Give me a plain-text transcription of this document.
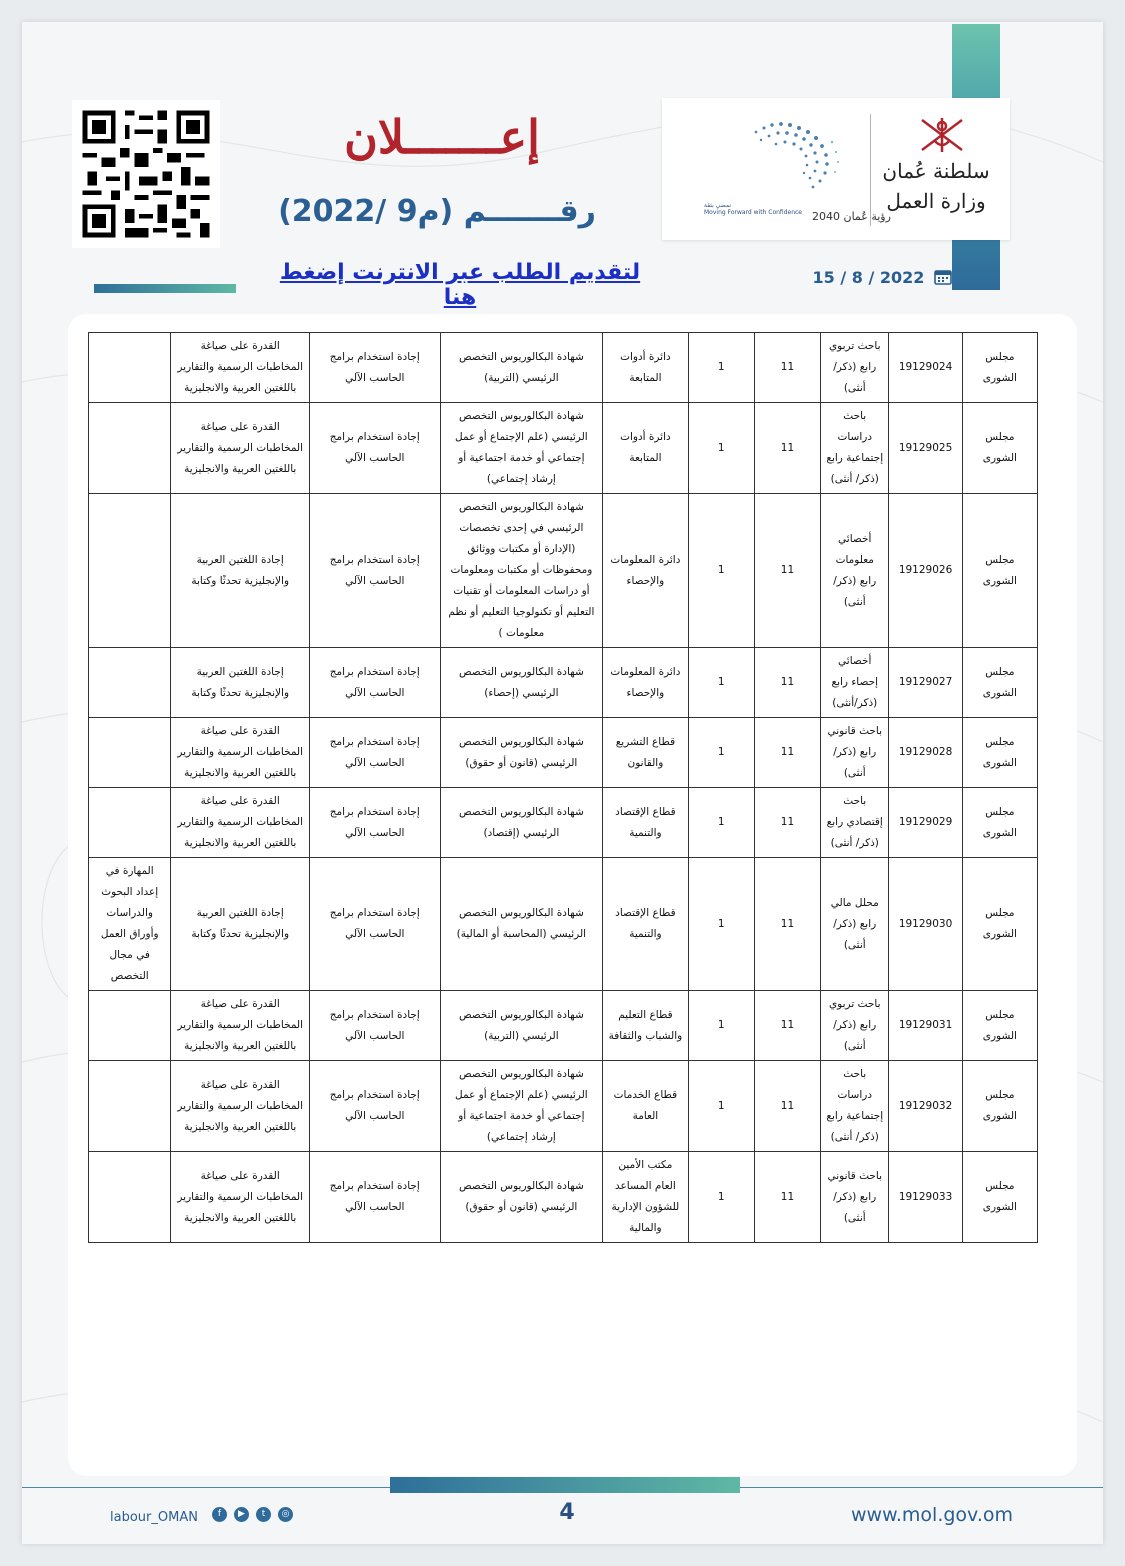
إعـــــــلان
رقـــــــم (م9 /2022)
لتقديم الطلب عبر الانترنت إضغط هنا
سلطنة عُمان
وزارة العمل
رؤية عُمان 2040
نمضي بثقة
Moving Forward with Confidence
15 / 8 / 2022
مجلس الشورى	19129024	باحث تربوي رابع (ذكر/أنثى)	11	1	دائرة أدوات المتابعة	شهادة البكالوريوس التخصص الرئيسي (التربية)	إجادة استخدام برامج الحاسب الآلي	القدرة على صياغة المخاطبات الرسمية والتقارير باللغتين العربية والانجليزية	
مجلس الشورى	19129025	باحث دراسات إجتماعية رابع (ذكر/ أنثى)	11	1	دائرة أدوات المتابعة	شهادة البكالوريوس التخصص الرئيسي (علم الإجتماع أو عمل إجتماعي أو خدمة اجتماعية أو إرشاد إجتماعي)	إجادة استخدام برامج الحاسب الآلي	القدرة على صياغة المخاطبات الرسمية والتقارير باللغتين العربية والانجليزية	
مجلس الشورى	19129026	أخصائي معلومات رابع (ذكر/ أنثى)	11	1	دائرة المعلومات والإحصاء	شهادة البكالوريوس التخصص الرئيسي في إحدى تخصصات (الإدارة أو مكتبات ووثائق ومحفوظات أو مكتبات ومعلومات أو دراسات المعلومات أو تقنيات التعليم أو تكنولوجيا التعليم أو نظم معلومات )	إجادة استخدام برامج الحاسب الآلي	إجادة اللغتين العربية والإنجليزية تحدثًا وكتابة	
مجلس الشورى	19129027	أخصائي إحصاء رابع (ذكر/أنثى)	11	1	دائرة المعلومات والإحصاء	شهادة البكالوريوس التخصص الرئيسي (إحصاء)	إجادة استخدام برامج الحاسب الآلي	إجادة اللغتين العربية والإنجليزية تحدثًا وكتابة	
مجلس الشورى	19129028	باحث قانوني رابع (ذكر/أنثى)	11	1	قطاع التشريع والقانون	شهادة البكالوريوس التخصص الرئيسي (قانون أو حقوق)	إجادة استخدام برامج الحاسب الآلي	القدرة على صياغة المخاطبات الرسمية والتقارير باللغتين العربية والانجليزية	
مجلس الشورى	19129029	باحث إقتصادي رابع (ذكر/ أنثى)	11	1	قطاع الإقتصاد والتنمية	شهادة البكالوريوس التخصص الرئيسي (إقتصاد)	إجادة استخدام برامج الحاسب الآلي	القدرة على صياغة المخاطبات الرسمية والتقارير باللغتين العربية والانجليزية	
مجلس الشورى	19129030	محلل مالي رابع (ذكر/ أنثى)	11	1	قطاع الإقتصاد والتنمية	شهادة البكالوريوس التخصص الرئيسي (المحاسبة أو المالية)	إجادة استخدام برامج الحاسب الآلي	إجادة اللغتين العربية والإنجليزية تحدثًا وكتابة	المهارة في إعداد البحوث والدراسات وأوراق العمل في مجال التخصص
مجلس الشورى	19129031	باحث تربوي رابع (ذكر/أنثى)	11	1	قطاع التعليم والشباب والثقافة	شهادة البكالوريوس التخصص الرئيسي (التربية)	إجادة استخدام برامج الحاسب الآلي	القدرة على صياغة المخاطبات الرسمية والتقارير باللغتين العربية والانجليزية	
مجلس الشورى	19129032	باحث دراسات إجتماعية رابع (ذكر/ أنثى)	11	1	قطاع الخدمات العامة	شهادة البكالوريوس التخصص الرئيسي (علم الإجتماع أو عمل إجتماعي أو خدمة اجتماعية أو إرشاد إجتماعي)	إجادة استخدام برامج الحاسب الآلي	القدرة على صياغة المخاطبات الرسمية والتقارير باللغتين العربية والانجليزية	
مجلس الشورى	19129033	باحث قانوني رابع (ذكر/أنثى)	11	1	مكتب الأمين العام المساعد للشؤون الإدارية والمالية	شهادة البكالوريوس التخصص الرئيسي (قانون أو حقوق)	إجادة استخدام برامج الحاسب الآلي	القدرة على صياغة المخاطبات الرسمية والتقارير باللغتين العربية والانجليزية	
labour_OMAN	f	▶	t	◎	4	www.mol.gov.om
